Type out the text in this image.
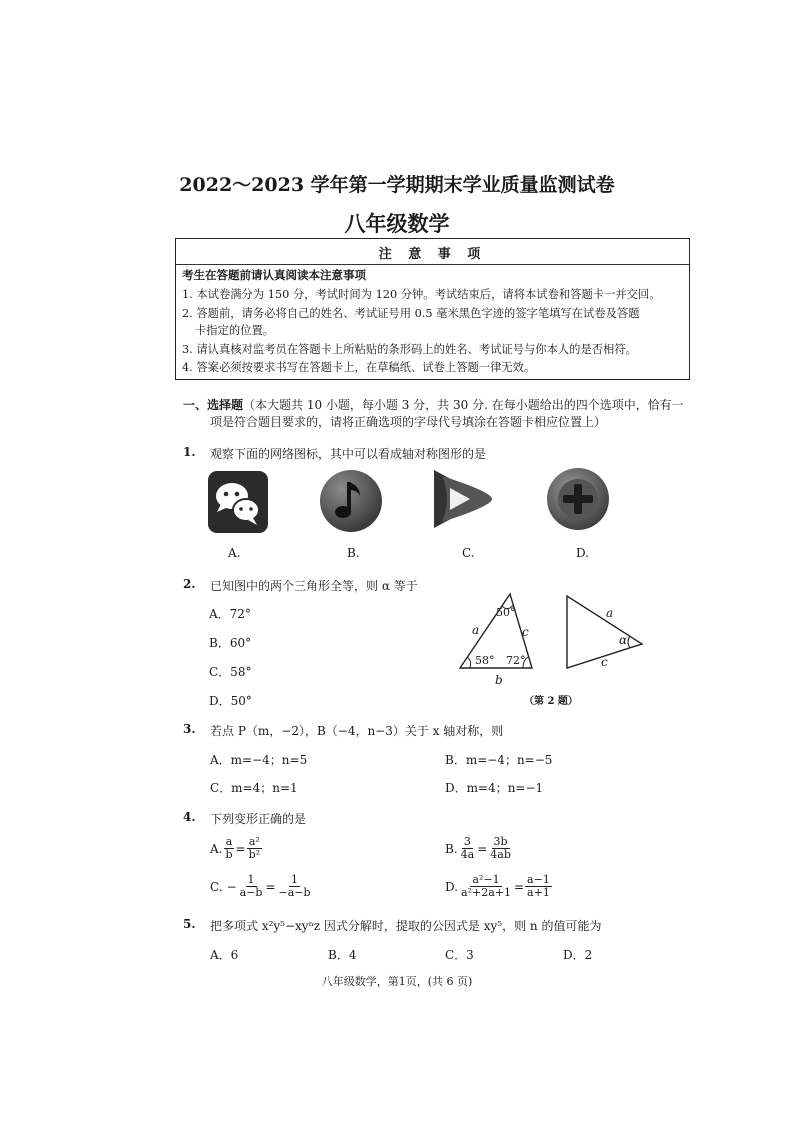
2022～2023 学年第一学期期末学业质量监测试卷
八年级数学
注 意 事 项
考生在答题前请认真阅读本注意事项
1. 本试卷满分为 150 分，考试时间为 120 分钟。考试结束后，请将本试卷和答题卡一并交回。
2. 答题前，请务必将自己的姓名、考试证号用 0.5 毫米黑色字迹的签字笔填写在试卷及答题
卡指定的位置。
3. 请认真核对监考员在答题卡上所粘贴的条形码上的姓名、考试证号与你本人的是否相符。
4. 答案必须按要求书写在答题卡上，在草稿纸、试卷上答题一律无效。
一、选择题（本大题共 10 小题，每小题 3 分，共 30 分. 在每小题给出的四个选项中，恰有一
项是符合题目要求的，请将正确选项的字母代号填涂在答题卡相应位置上）
1. 观察下面的网络图标，其中可以看成轴对称图形的是
A.	B.	C.	D.
2. 已知图中的两个三角形全等，则 α 等于
A．72°
B．60°
C．58°
D．50°
50°
58° 72°
a	c
b
a
α
c
（第 2 题）
3. 若点 P（m，−2），B（−4，n−3）关于 x 轴对称，则
A．m=−4；n=5	B．m=−4；n=−5
C．m=4；n=1	D．m=4；n=−1
4. 下列变形正确的是
A. $\frac{a}{b} = \frac{\text{a²}}{\text{b²}}$	B. $\frac{3}{4a} = \frac{3b}{4ab}$
C. − $\frac{1}{a-b} = \frac{1}{-a-b}$	D. $\frac{\text{a²−1}}{\text{a²+2a+1}} = \frac{a-1}{a+1}$
5. 把多项式 x²y⁵−xyⁿz 因式分解时，提取的公因式是 xy⁵，则 n 的值可能为
A．6	B．4	C．3	D．2
八年级数学，第1页，(共 6 页)
